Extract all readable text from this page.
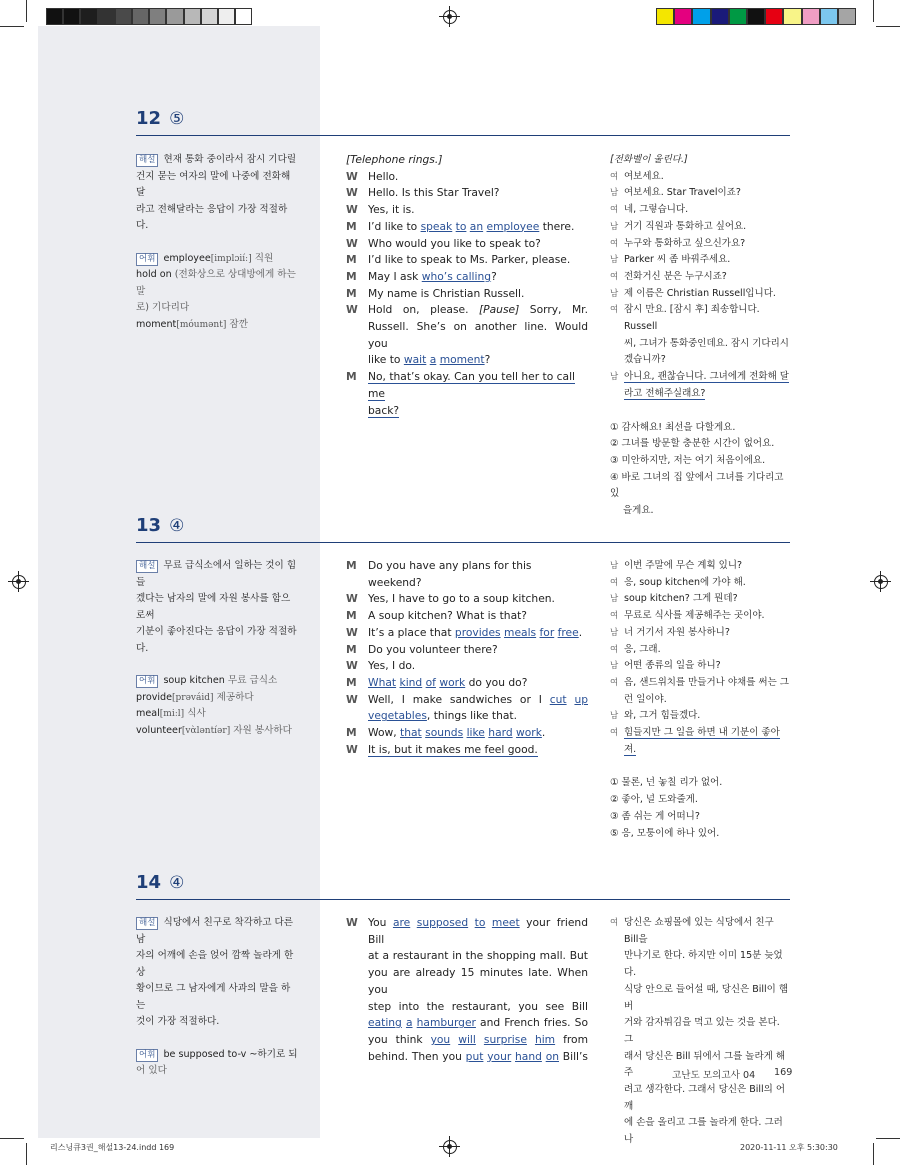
12 ⑤
해설 현재 통화 중이라서 잠시 기다릴
건지 묻는 여자의 말에 나중에 전화해 달
라고 전해달라는 응답이 가장 적절하다.
어휘 employee[implɔiíː] 직원
hold on (전화상으로 상대방에게 하는 말
로) 기다리다
moment[móumənt] 잠깐
[Telephone rings.]
W Hello.
W Hello. Is this Star Travel?
W Yes, it is.
M I’d like to speak to an employee there.
W Who would you like to speak to?
M I’d like to speak to Ms. Parker, please.
M May I ask who’s calling?
M My name is Christian Russell.
W Hold on, please. [Pause] Sorry, Mr.
Russell. She’s on another line. Would you
like to wait a moment?
M No, that’s okay. Can you tell her to call me
back?
[전화벨이 울린다.]
여 여보세요.
남 여보세요. Star Travel이죠?
여 네, 그렇습니다.
남 거기 직원과 통화하고 싶어요.
여 누구와 통화하고 싶으신가요?
남 Parker 씨 좀 바꿔주세요.
여 전화거신 분은 누구시죠?
남 제 이름은 Christian Russell입니다.
여 잠시 만요. [잠시 후] 죄송합니다. Russell
씨, 그녀가 통화중인데요. 잠시 기다리시
겠습니까?
남 아니요, 괜찮습니다. 그녀에게 전화해 달
라고 전해주실래요?
① 감사해요! 최선을 다할게요.
② 그녀를 방문할 충분한 시간이 없어요.
③ 미안하지만, 저는 여기 처음이에요.
④ 바로 그녀의 집 앞에서 그녀를 기다리고 있
을게요.
13 ④
해설 무료 급식소에서 일하는 것이 힘들
겠다는 남자의 말에 자원 봉사를 함으로써
기분이 좋아진다는 응답이 가장 적절하다.
어휘 soup kitchen 무료 급식소
provide[prəváid] 제공하다
meal[miːl] 식사
volunteer[vὰləntíər] 자원 봉사하다
M Do you have any plans for this weekend?
W Yes, I have to go to a soup kitchen.
M A soup kitchen? What is that?
W It’s a place that provides meals for free.
M Do you volunteer there?
W Yes, I do.
M What kind of work do you do?
W Well, I make sandwiches or I cut up
vegetables, things like that.
M Wow, that sounds like hard work.
W It is, but it makes me feel good.
남 이번 주말에 무슨 계획 있니?
여 응, soup kitchen에 가야 해.
남 soup kitchen? 그게 뭔데?
여 무료로 식사를 제공해주는 곳이야.
남 너 거기서 자원 봉사하니?
여 응, 그래.
남 어떤 종류의 일을 하니?
여 음, 샌드위치를 만들거나 야채를 써는 그
런 일이야.
남 와, 그거 힘들겠다.
여 힘들지만 그 일을 하면 내 기분이 좋아져.
① 물론, 넌 놓칠 리가 없어.
② 좋아, 널 도와줄게.
③ 좀 쉬는 게 어떠니?
⑤ 응, 모퉁이에 하나 있어.
14 ④
해설 식당에서 친구로 착각하고 다른 남
자의 어깨에 손을 얹어 깜짝 놀라게 한 상
황이므로 그 남자에게 사과의 말을 하는
것이 가장 적절하다.
어휘 be supposed to-v ~하기로 되
어 있다
W You are supposed to meet your friend Bill
at a restaurant in the shopping mall. But
you are already 15 minutes late. When you
step into the restaurant, you see Bill
eating a hamburger and French fries. So
you think you will surprise him from
behind. Then you put your hand on Bill’s
여 당신은 쇼핑몰에 있는 식당에서 친구 Bill을
만나기로 한다. 하지만 이미 15분 늦었다.
식당 안으로 들어설 때, 당신은 Bill이 햄버
거와 감자튀김을 먹고 있는 것을 본다. 그
래서 당신은 Bill 뒤에서 그를 놀라게 해주
려고 생각한다. 그래서 당신은 Bill의 어깨
에 손을 올리고 그를 놀라게 한다. 그러나
고난도 모의고사 04 169
리스닝큐3권_해설13-24.indd 169	2020-11-11 오후 5:30:30
